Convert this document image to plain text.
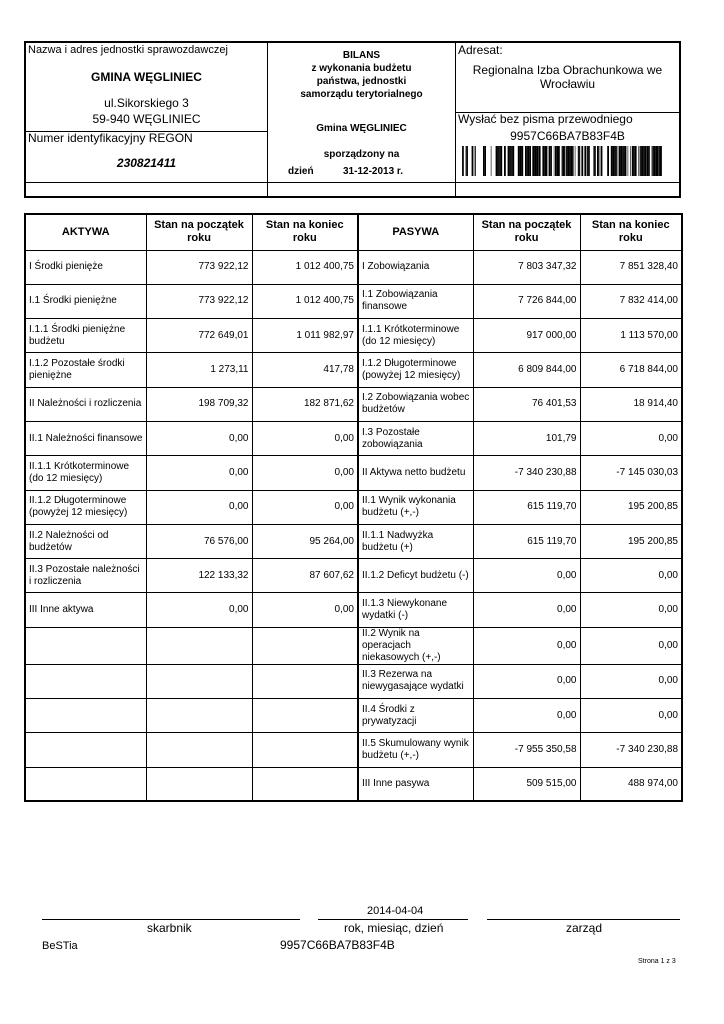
Nazwa i adres jednostki sprawozdawczej
GMINA WĘGLINIEC
ul.Sikorskiego 3
59-940 WĘGLINIEC
Numer identyfikacyjny REGON
230821411
BILANS
z wykonania budżetu
państwa, jednostki
samorządu terytorialnego
Gmina WĘGLINIEC
sporządzony na
dzień	31-12-2013 r.
Adresat:
Regionalna Izba Obrachunkowa we
Wrocławiu
Wysłać bez pisma przewodniego
9957C66BA7B83F4B
AKTYWA	Stan na początek roku	Stan na koniec roku	PASYWA	Stan na początek roku	Stan na koniec roku
I Środki pienięże	773 922,12	1 012 400,75	I Zobowiązania	7 803 347,32	7 851 328,40
I.1 Środki pieniężne	773 922,12	1 012 400,75	I.1 Zobowiązania finansowe	7 726 844,00	7 832 414,00
I.1.1 Środki pieniężne budżetu	772 649,01	1 011 982,97	I.1.1 Krótkoterminowe (do 12 miesięcy)	917 000,00	1 113 570,00
I.1.2 Pozostałe środki pieniężne	1 273,11	417,78	I.1.2 Długoterminowe (powyżej 12 miesięcy)	6 809 844,00	6 718 844,00
II Należności i rozliczenia	198 709,32	182 871,62	I.2 Zobowiązania wobec budżetów	76 401,53	18 914,40
II.1 Należności finansowe	0,00	0,00	I.3 Pozostałe zobowiązania	101,79	0,00
II.1.1 Krótkoterminowe (do 12 miesięcy)	0,00	0,00	II Aktywa netto budżetu	-7 340 230,88	-7 145 030,03
II.1.2 Długoterminowe (powyżej 12 miesięcy)	0,00	0,00	II.1 Wynik wykonania budżetu (+,-)	615 119,70	195 200,85
II.2 Należności od budżetów	76 576,00	95 264,00	II.1.1 Nadwyżka budżetu (+)	615 119,70	195 200,85
II.3 Pozostałe należności i rozliczenia	122 133,32	87 607,62	II.1.2 Deficyt budżetu (-)	0,00	0,00
III Inne aktywa	0,00	0,00	II.1.3 Niewykonane wydatki (-)	0,00	0,00
			II.2 Wynik na operacjach niekasowych (+,-)	0,00	0,00
			II.3 Rezerwa na niewygasające wydatki	0,00	0,00
			II.4 Środki z prywatyzacji	0,00	0,00
			II.5 Skumulowany wynik budżetu (+,-)	-7 955 350,58	-7 340 230,88
			III Inne pasywa	509 515,00	488 974,00
2014-04-04
skarbnik	rok, miesiąc, dzień	zarząd
BeSTia	9957C66BA7B83F4B
Strona 1 z 3
